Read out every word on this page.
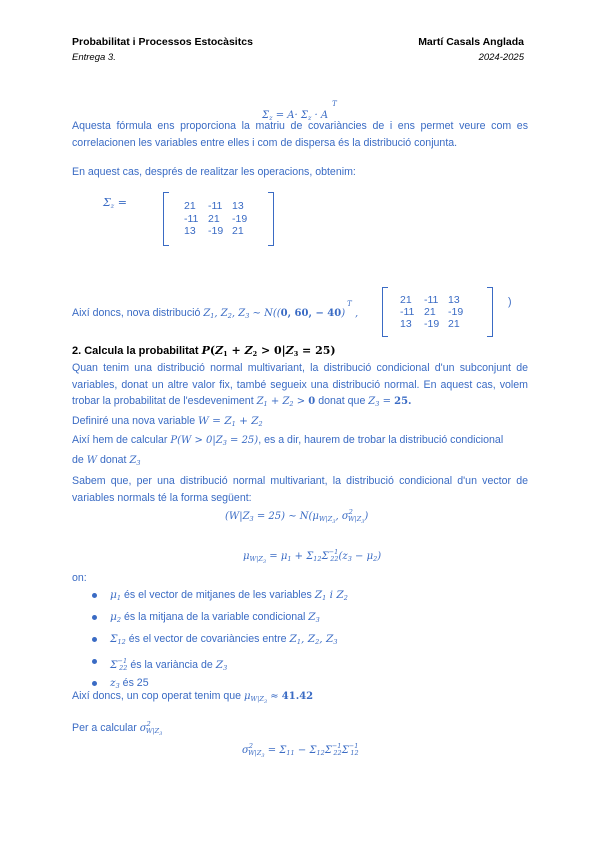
Probabilitat i Processos Estocàsitcs	Martí Casals Anglada
Entrega 3.	2024-2025
$\Sigma_z = A\cdot \Sigma_z \cdot A^T$
Aquesta fórmula ens proporciona la matriu de covariàncies de i ens permet veure com es correlacionen les variables entre elles i com de dispersa és la distribució conjunta.
En aquest cas, després de realitzar les operacions, obtenim:
$\Sigma_z$ =	21	-11	13
-11	21	-19
13	-19	21
Així doncs, nova distribució $Z_1$, $Z_2$, $Z_3$ ∼ N((0, 60, − 40)$^T$ ,
21	-11	13
-11	21	-19
13	-19	21
)
2. Calcula la probabilitat $P(Z_1 + Z_2 > 0|Z_3 = 25)$
Quan tenim una distribució normal multivariant, la distribució condicional d'un subconjunt de variables, donat un altre valor fix, també segueix una distribució normal. En aquest cas, volem trobar la probabilitat de l'esdeveniment $Z_1 + Z_2 > 0$ donat que $Z_3 = 25$.
Definiré una nova variable $W = Z_1 + Z_2$
Així hem de calcular $P(W > 0|Z_3 = 25)$, es a dir, haurem de trobar la distribució condicional
de W donat $Z_3$
Sabem que, per una distribució normal multivariant, la distribució condicional d'un vector de variables normals té la forma següent:
$(W|Z_3 = 25)$ ∼ $N(\mu_{W|Z_3}$, $\sigma^2_{W|Z_3}$)
$\mu_{W|Z_3} = \mu_1 + \Sigma_{12}\Sigma^{-1}_{22}(z_3 - \mu_2)$
on:
$\mu_1$ és el vector de mitjanes de les variables $Z_1$ i $Z_2$
$\mu_2$ és la mitjana de la variable condicional $Z_3$
$\Sigma_{12}$ és el vector de covariàncies entre $Z_1$, $Z_2$, $Z_3$
$\Sigma^{-1}_{22}$ és la variància de $Z_3$
$z_3$ és 25
Així doncs, un cop operat tenim que $\mu_{W|Z_3} \approx 41.42$
Per a calcular $\sigma^2_{W|Z_3}$
$\sigma^2_{W|Z_3} = \Sigma_{11} - \Sigma_{12}\Sigma^{-1}_{22}\Sigma^{-1}_{12}$
